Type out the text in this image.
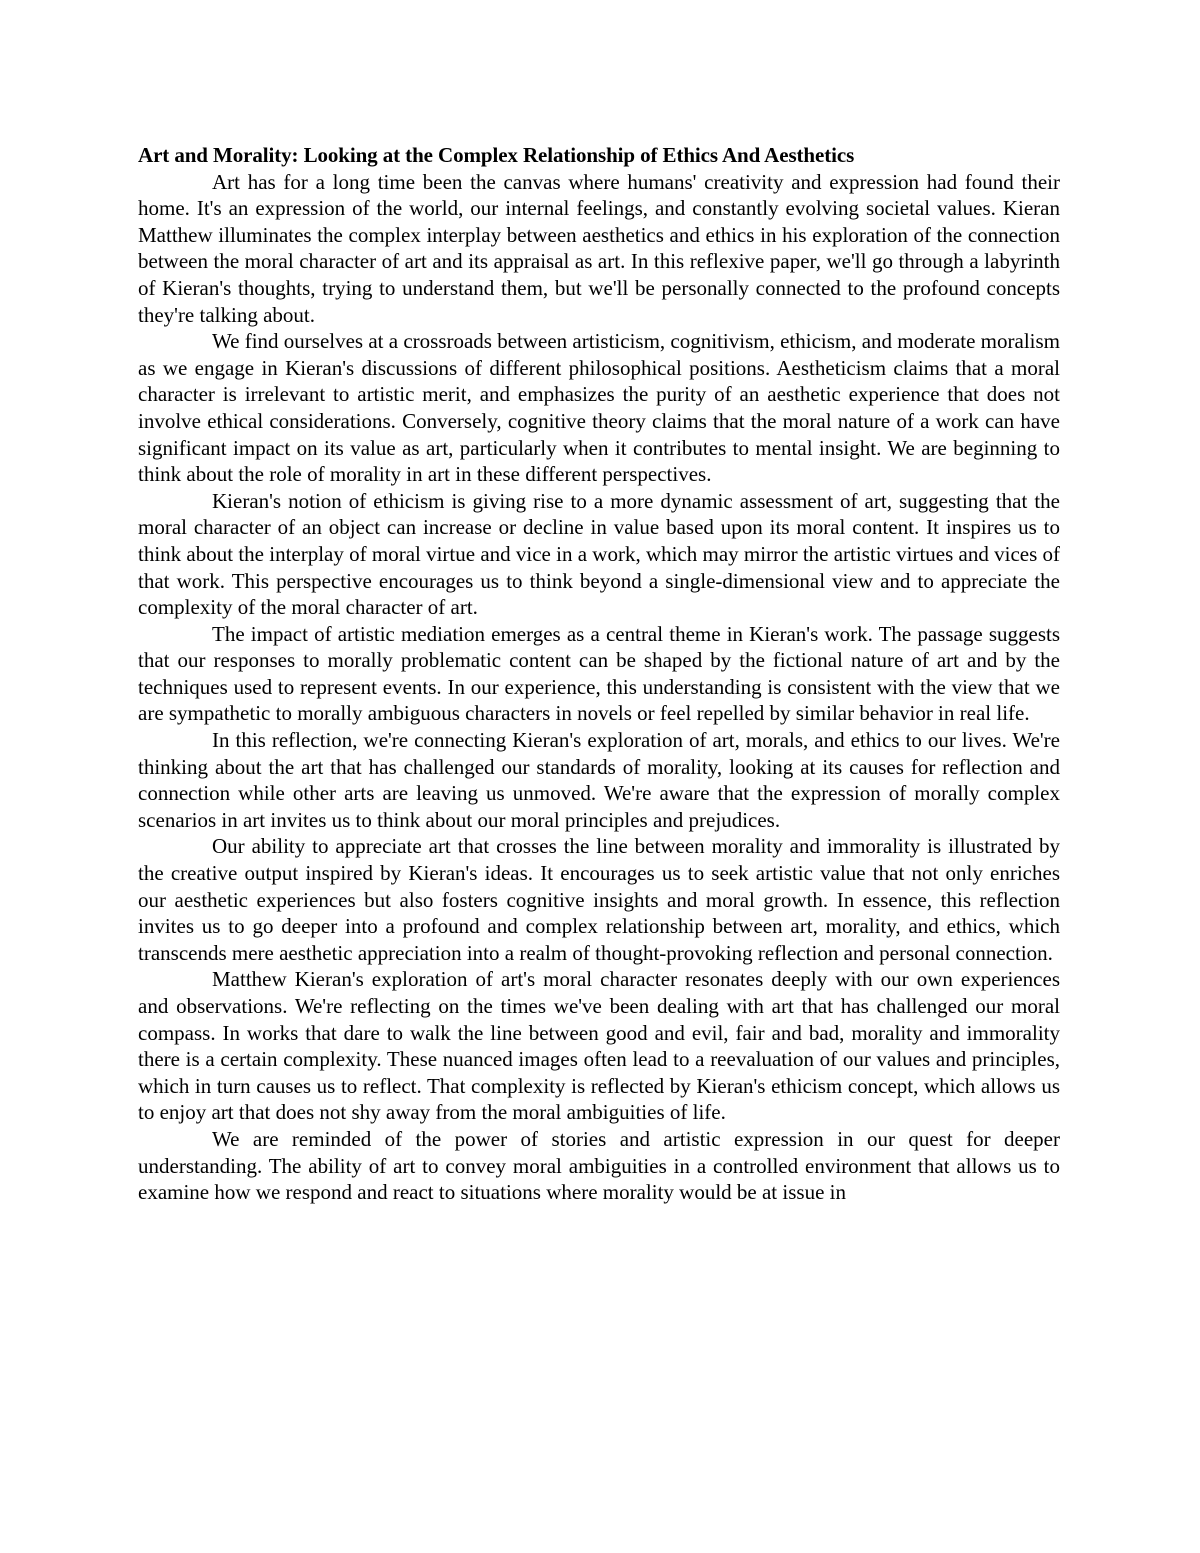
Art and Morality: Looking at the Complex Relationship of Ethics And Aesthetics

Art has for a long time been the canvas where humans' creativity and expression had found their home. It's an expression of the world, our internal feelings, and constantly evolving societal values. Kieran Matthew illuminates the complex interplay between aesthetics and ethics in his exploration of the connection between the moral character of art and its appraisal as art. In this reflexive paper, we'll go through a labyrinth of Kieran's thoughts, trying to understand them, but we'll be personally connected to the profound concepts they're talking about.

We find ourselves at a crossroads between artisticism, cognitivism, ethicism, and moderate moralism as we engage in Kieran's discussions of different philosophical positions. Aestheticism claims that a moral character is irrelevant to artistic merit, and emphasizes the purity of an aesthetic experience that does not involve ethical considerations. Conversely, cognitive theory claims that the moral nature of a work can have significant impact on its value as art, particularly when it contributes to mental insight. We are beginning to think about the role of morality in art in these different perspectives.

Kieran's notion of ethicism is giving rise to a more dynamic assessment of art, suggesting that the moral character of an object can increase or decline in value based upon its moral content. It inspires us to think about the interplay of moral virtue and vice in a work, which may mirror the artistic virtues and vices of that work. This perspective encourages us to think beyond a single-dimensional view and to appreciate the complexity of the moral character of art.

The impact of artistic mediation emerges as a central theme in Kieran's work. The passage suggests that our responses to morally problematic content can be shaped by the fictional nature of art and by the techniques used to represent events. In our experience, this understanding is consistent with the view that we are sympathetic to morally ambiguous characters in novels or feel repelled by similar behavior in real life.

In this reflection, we're connecting Kieran's exploration of art, morals, and ethics to our lives. We're thinking about the art that has challenged our standards of morality, looking at its causes for reflection and connection while other arts are leaving us unmoved. We're aware that the expression of morally complex scenarios in art invites us to think about our moral principles and prejudices.

Our ability to appreciate art that crosses the line between morality and immorality is illustrated by the creative output inspired by Kieran's ideas. It encourages us to seek artistic value that not only enriches our aesthetic experiences but also fosters cognitive insights and moral growth. In essence, this reflection invites us to go deeper into a profound and complex relationship between art, morality, and ethics, which transcends mere aesthetic appreciation into a realm of thought-provoking reflection and personal connection.

Matthew Kieran's exploration of art's moral character resonates deeply with our own experiences and observations. We're reflecting on the times we've been dealing with art that has challenged our moral compass. In works that dare to walk the line between good and evil, fair and bad, morality and immorality there is a certain complexity. These nuanced images often lead to a reevaluation of our values and principles, which in turn causes us to reflect. That complexity is reflected by Kieran's ethicism concept, which allows us to enjoy art that does not shy away from the moral ambiguities of life.

We are reminded of the power of stories and artistic expression in our quest for deeper understanding. The ability of art to convey moral ambiguities in a controlled environment that allows us to examine how we respond and react to situations where morality would be at issue in
